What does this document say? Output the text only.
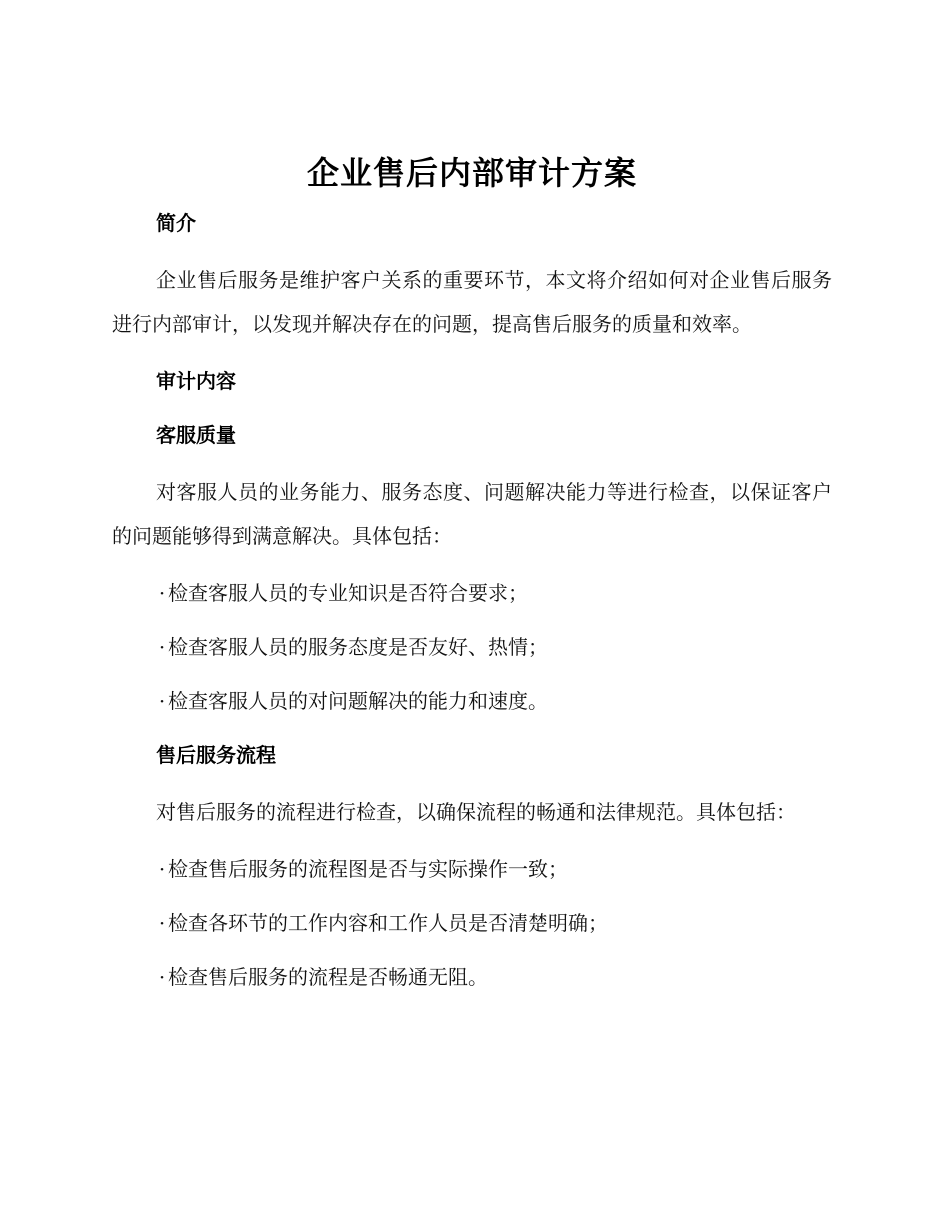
企业售后内部审计方案
简介

企业售后服务是维护客户关系的重要环节，本文将介绍如何对企业售后服务进行内部审计，以发现并解决存在的问题，提高售后服务的质量和效率。

审计内容
客服质量

对客服人员的业务能力、服务态度、问题解决能力等进行检查，以保证客户的问题能够得到满意解决。具体包括：

· 检查客服人员的专业知识是否符合要求；

· 检查客服人员的服务态度是否友好、热情；

· 检查客服人员的对问题解决的能力和速度。

售后服务流程

对售后服务的流程进行检查，以确保流程的畅通和法律规范。具体包括：

· 检查售后服务的流程图是否与实际操作一致；

· 检查各环节的工作内容和工作人员是否清楚明确；

· 检查售后服务的流程是否畅通无阻。
